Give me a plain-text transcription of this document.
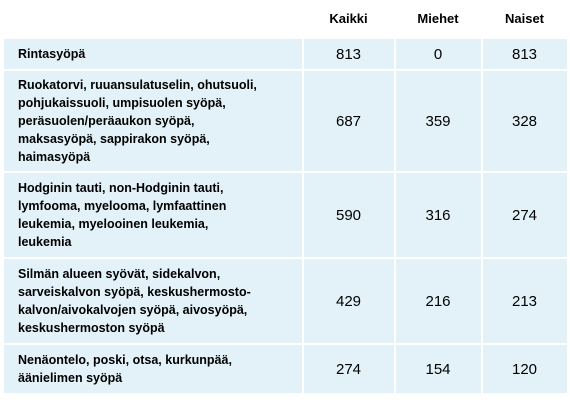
	Kaikki	Miehet	Naiset
Rintasyöpä	813	0	813
Ruokatorvi, ruuansulatuselin, ohutsuoli,
pohjukaissuoli, umpisuolen syöpä,
peräsuolen/peräaukon syöpä,
maksasyöpä, sappirakon syöpä,
haimasyöpä	687	359	328
Hodginin tauti, non-Hodginin tauti,
lymfooma, myelooma, lymfaattinen
leukemia, myelooinen leukemia,
leukemia	590	316	274
Silmän alueen syövät, sidekalvon,
sarveiskalvon syöpä, keskushermosto-
kalvon/aivokalvojen syöpä, aivosyöpä,
keskushermoston syöpä	429	216	213
Nenäontelo, poski, otsa, kurkunpää,
äänielimen syöpä	274	154	120
